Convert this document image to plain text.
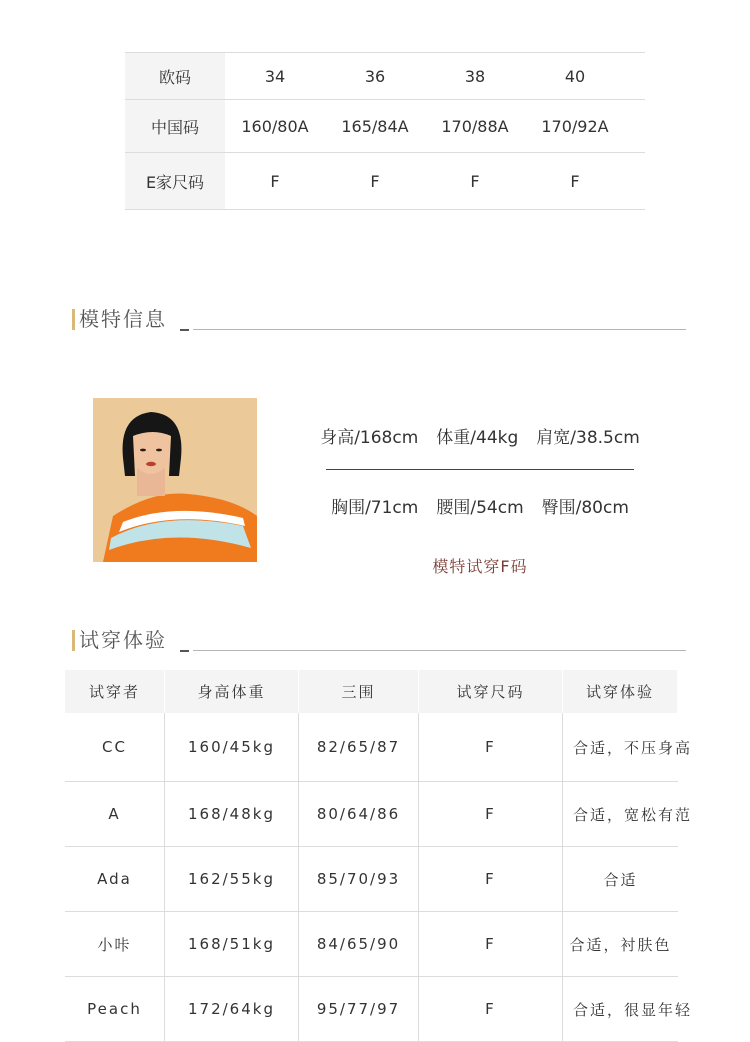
欧码	34	36	38	40
中国码	160/80A	165/84A	170/88A	170/92A
E家尺码	F	F	F	F
模特信息
身高/168cm 体重/44kg 肩宽/38.5cm
胸围/71cm 腰围/54cm 臀围/80cm
模特试穿F码
试穿体验
试穿者	身高体重	三围	试穿尺码	试穿体验
CC	160/45kg	82/65/87	F	合适，不压身高
A	168/48kg	80/64/86	F	合适，宽松有范
Ada	162/55kg	85/70/93	F	合适
小咔	168/51kg	84/65/90	F	合适，衬肤色
Peach	172/64kg	95/77/97	F	合适，很显年轻
